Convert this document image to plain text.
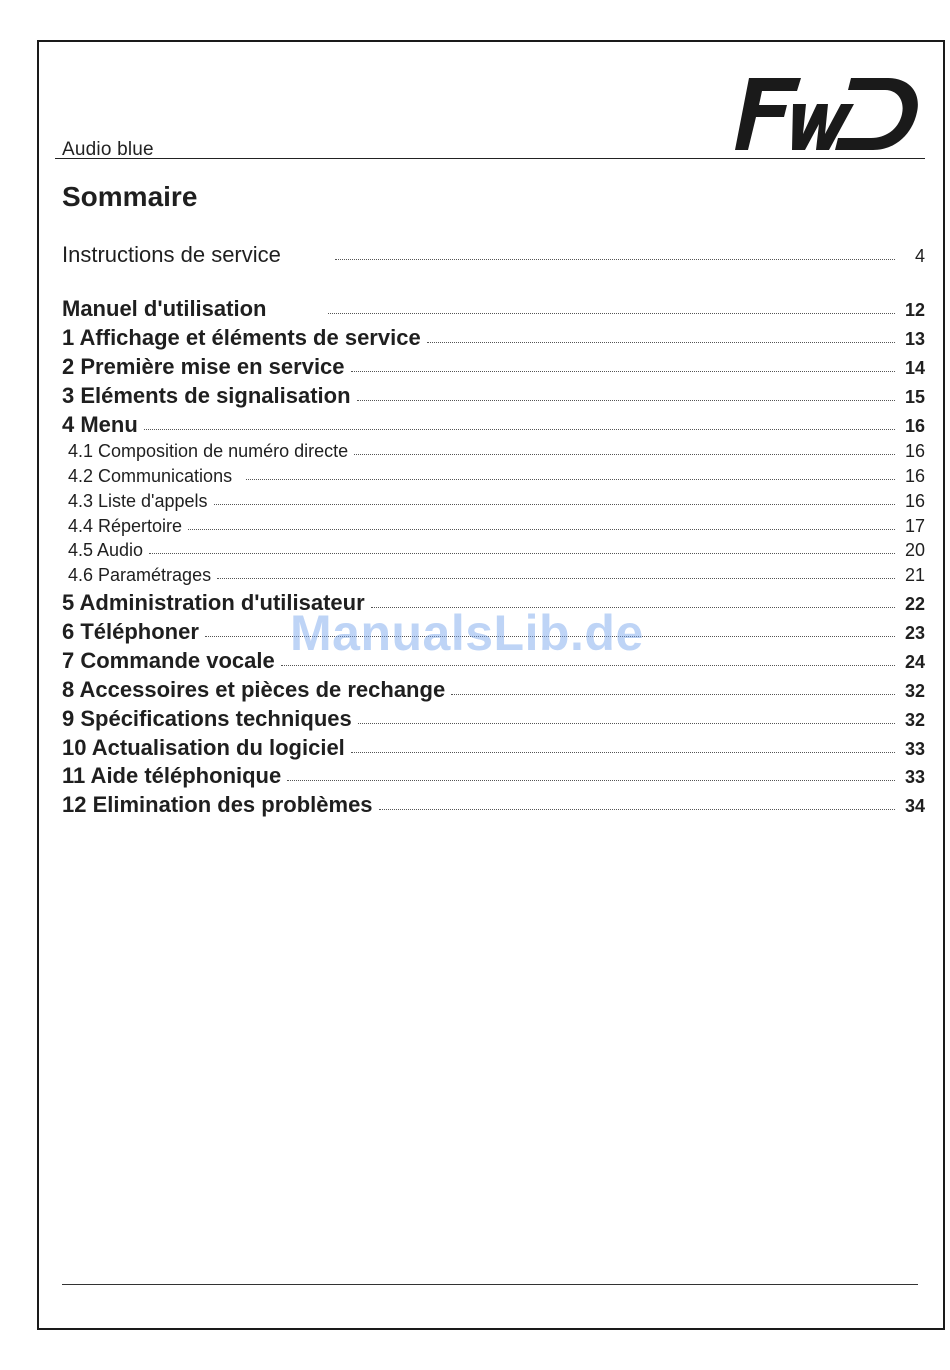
Audio blue
Sommaire
Instructions de service	4
Manuel d'utilisation	12
1 Affichage et éléments de service	13
2 Première mise en service	14
3 Eléments de signalisation	15
4 Menu	16
4.1 Composition de numéro directe	16
4.2 Communications	16
4.3 Liste d'appels	16
4.4 Répertoire	17
4.5 Audio	20
4.6 Paramétrages	21
5 Administration d'utilisateur	22
6 Téléphoner	23
7 Commande vocale	24
8 Accessoires et pièces de rechange	32
9 Spécifications techniques	32
10 Actualisation du logiciel	33
11 Aide téléphonique	33
12 Elimination des problèmes	34
ManualsLib.de
